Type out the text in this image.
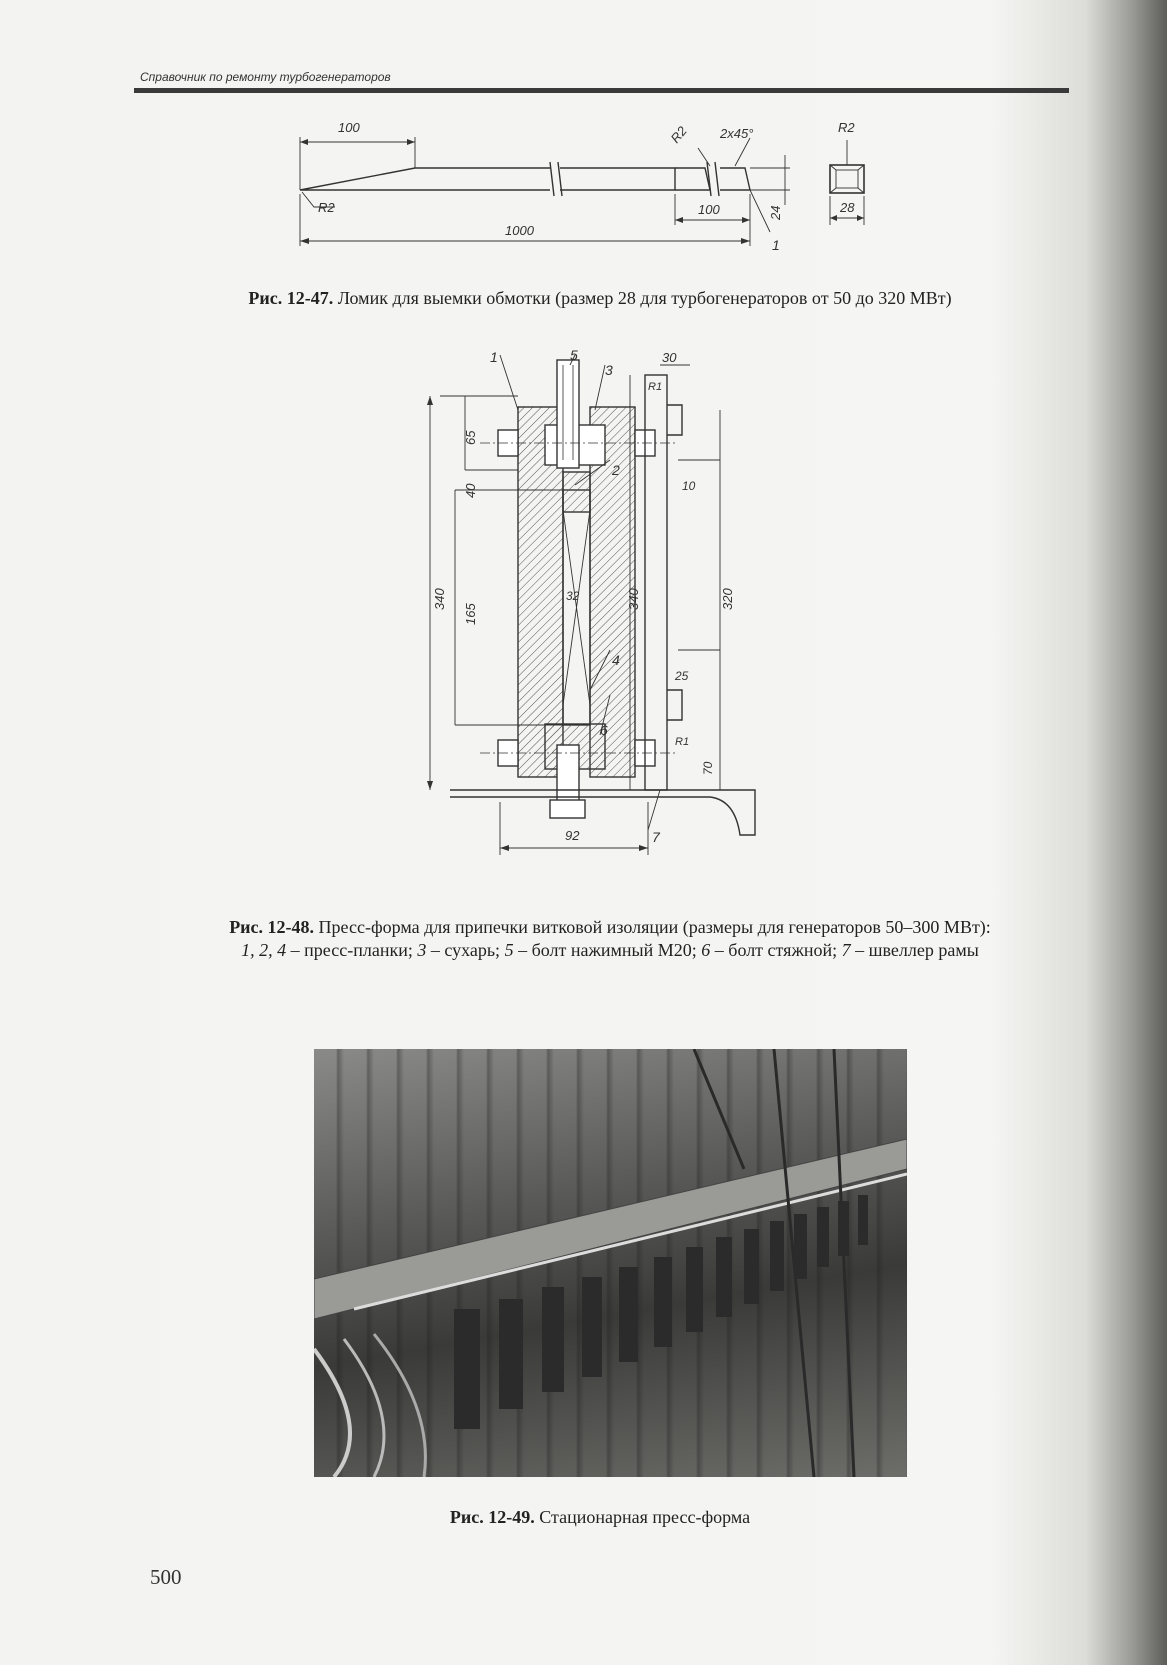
Справочник по ремонту турбогенераторов
100	R2 2x45°	R2
R2
1000
100	24	28
1
Рис. 12-47. Ломик для выемки обмотки (размер 28 для турбогенераторов от 50 до 320 МВт)
1	5
3
65
40
165
340
2
32
4
6
92	7
30
R1
340	320
10
25
70
R1
Рис. 12-48. Пресс-форма для припечки витковой изоляции (размеры для генераторов 50–300 МВт):
1, 2, 4 – пресс-планки; 3 – сухарь; 5 – болт нажимный М20; 6 – болт стяжной; 7 – швеллер рамы
Рис. 12-49. Стационарная пресс-форма
500
